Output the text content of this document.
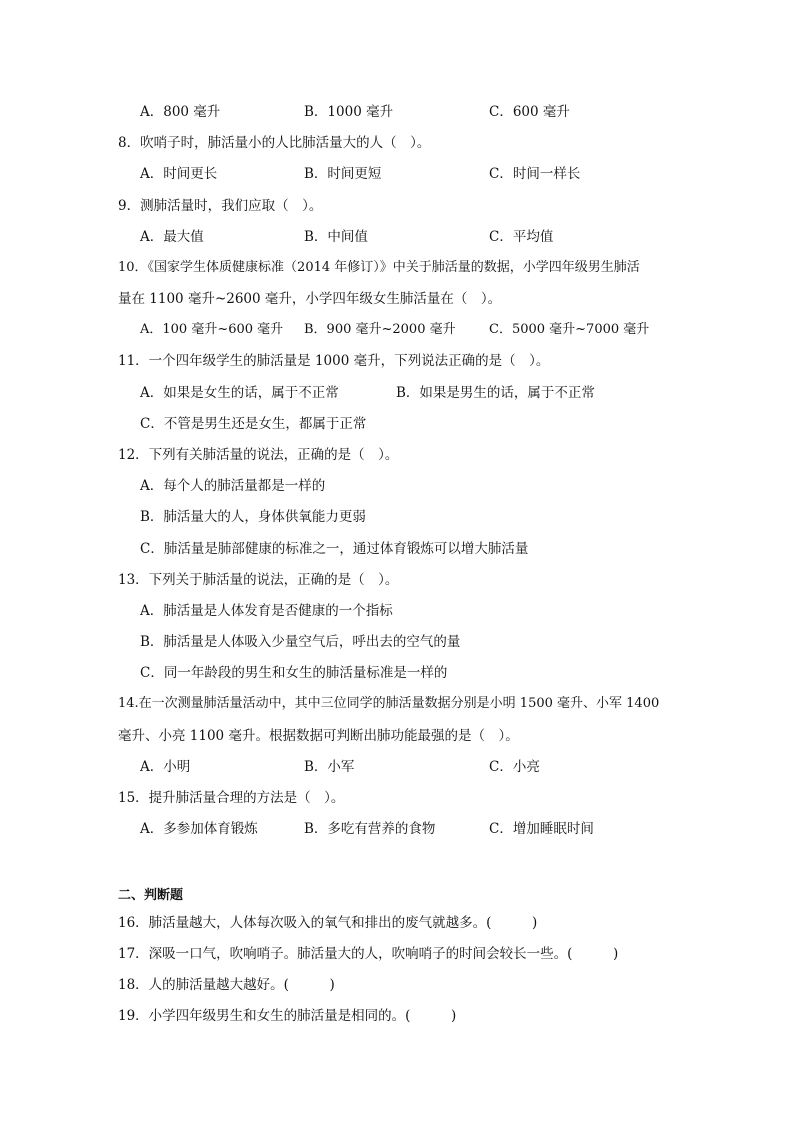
A．800 毫升	B．1000 毫升	C．600 毫升
8．吹哨子时，肺活量小的人比肺活量大的人（　）。
A．时间更长	B．时间更短	C．时间一样长
9．测肺活量时，我们应取（　）。
A．最大值	B．中间值	C．平均值
10．《国家学生体质健康标准（2014 年修订）》中关于肺活量的数据，小学四年级男生肺活
量在 1100 毫升~2600 毫升，小学四年级女生肺活量在（　）。
A．100 毫升~600 毫升 B．900 毫升~2000 毫升	C．5000 毫升~7000 毫升
11．一个四年级学生的肺活量是 1000 毫升，下列说法正确的是（　）。
A．如果是女生的话，属于不正常	B．如果是男生的话，属于不正常
C．不管是男生还是女生，都属于正常
12．下列有关肺活量的说法，正确的是（　）。
A．每个人的肺活量都是一样的
B．肺活量大的人，身体供氧能力更弱
C．肺活量是肺部健康的标准之一，通过体育锻炼可以增大肺活量
13．下列关于肺活量的说法，正确的是（　）。
A．肺活量是人体发育是否健康的一个指标
B．肺活量是人体吸入少量空气后，呼出去的空气的量
C．同一年龄段的男生和女生的肺活量标准是一样的
14.在一次测量肺活量活动中，其中三位同学的肺活量数据分别是小明 1500 毫升、小军 1400
毫升、小亮 1100 毫升。根据数据可判断出肺功能最强的是（　）。
A．小明	B．小军	C．小亮
15．提升肺活量合理的方法是（　）。
A．多参加体育锻炼	B．多吃有营养的食物	C．增加睡眠时间
二、判断题
16．肺活量越大，人体每次吸入的氧气和排出的废气就越多。(　　　)
17．深吸一口气，吹响哨子。肺活量大的人，吹响哨子的时间会较长一些。(　　　)
18．人的肺活量越大越好。(　　　)
19．小学四年级男生和女生的肺活量是相同的。(　　　)
